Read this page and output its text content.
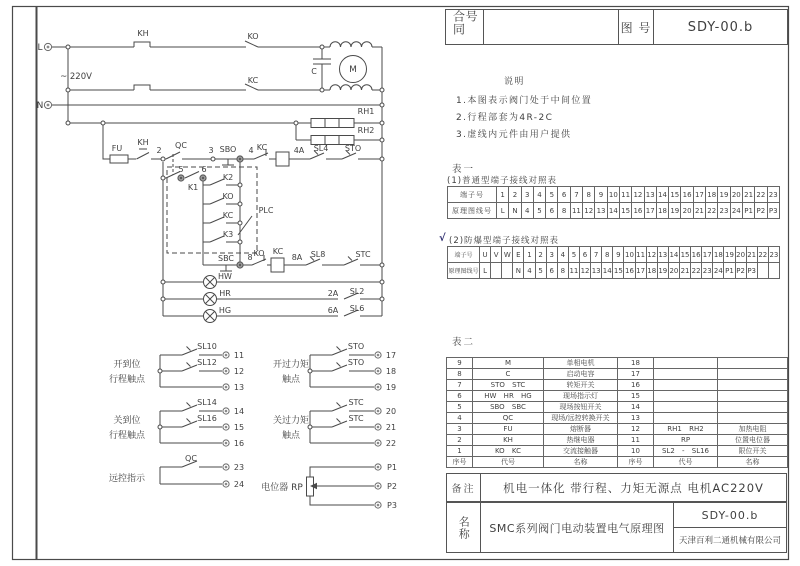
L
~ 220V
N
KH	KO
KC
C	M
RH1
RH2
FU
KH
2
QC
3 SBO 4 KC	4A SL4 STO
5 6
K1
K2
KO
KC
K3
PLC
SBC 8 KO KC
8A SL8	STC
HW
HR	2A SL2
HG	6A SL6
开到位
行程触点
SL10
SL12
11
12
13
关到位
行程触点
SL14
SL16
14
15
16
QC
远控指示
23
24
开过力矩
触点
STO
STO
17
18
19
关过力矩
触点
STC
STC
20
21
22
电位器 RP
P1
P2
P3
合同号
图 号	SDY-00.b
说明
1.本图表示阀门处于中间位置
2.行程部套为4R-2C
3.虚线内元件由用户提供
表一
(1)普通型端子接线对照表
端子号	1	2	3	4	5	6	7	8	9	10	11	12	13	14	15	16	17	18	19	20	21	22	23
原理图线号	L	N	4	5	6	8	11	12	13	14	15	16	17	18	19	20	21	22	23	24	P1	P2	P3
√ (2)防爆型端子接线对照表
端子号	U	V	W	E	1	2	3	4	5	6	7	8	9	10	11	12	13	14	15	16	17	18	19	20	21	22	23
原理图线号	L			N	4	5	6	8	11	12	13	14	15	16	17	18	19	20	21	22	23	24	P1	P2	P3		
表二
9	M	单相电机	18		
8	C	启动电容	17		
7	STO STC	转矩开关	16		
6	HW HR HG	现场指示灯	15		
5	SBO SBC	现场按钮开关	14		
4	QC	现场/远控转换开关	13		
3	FU	熔断器	12	RH1 RH2	加热电阻
2	KH	热继电器	11	RP	位置电位器
1	KO KC	交流接触器	10	SL2 - SL16	限位开关
序号	代号	名称	序号	代号	名称
备注	机电一体化 带行程、力矩无源点 电机AC220V
名称	SMC系列阀门电动装置电气原理图
SDY-00.b
天津百利二通机械有限公司
